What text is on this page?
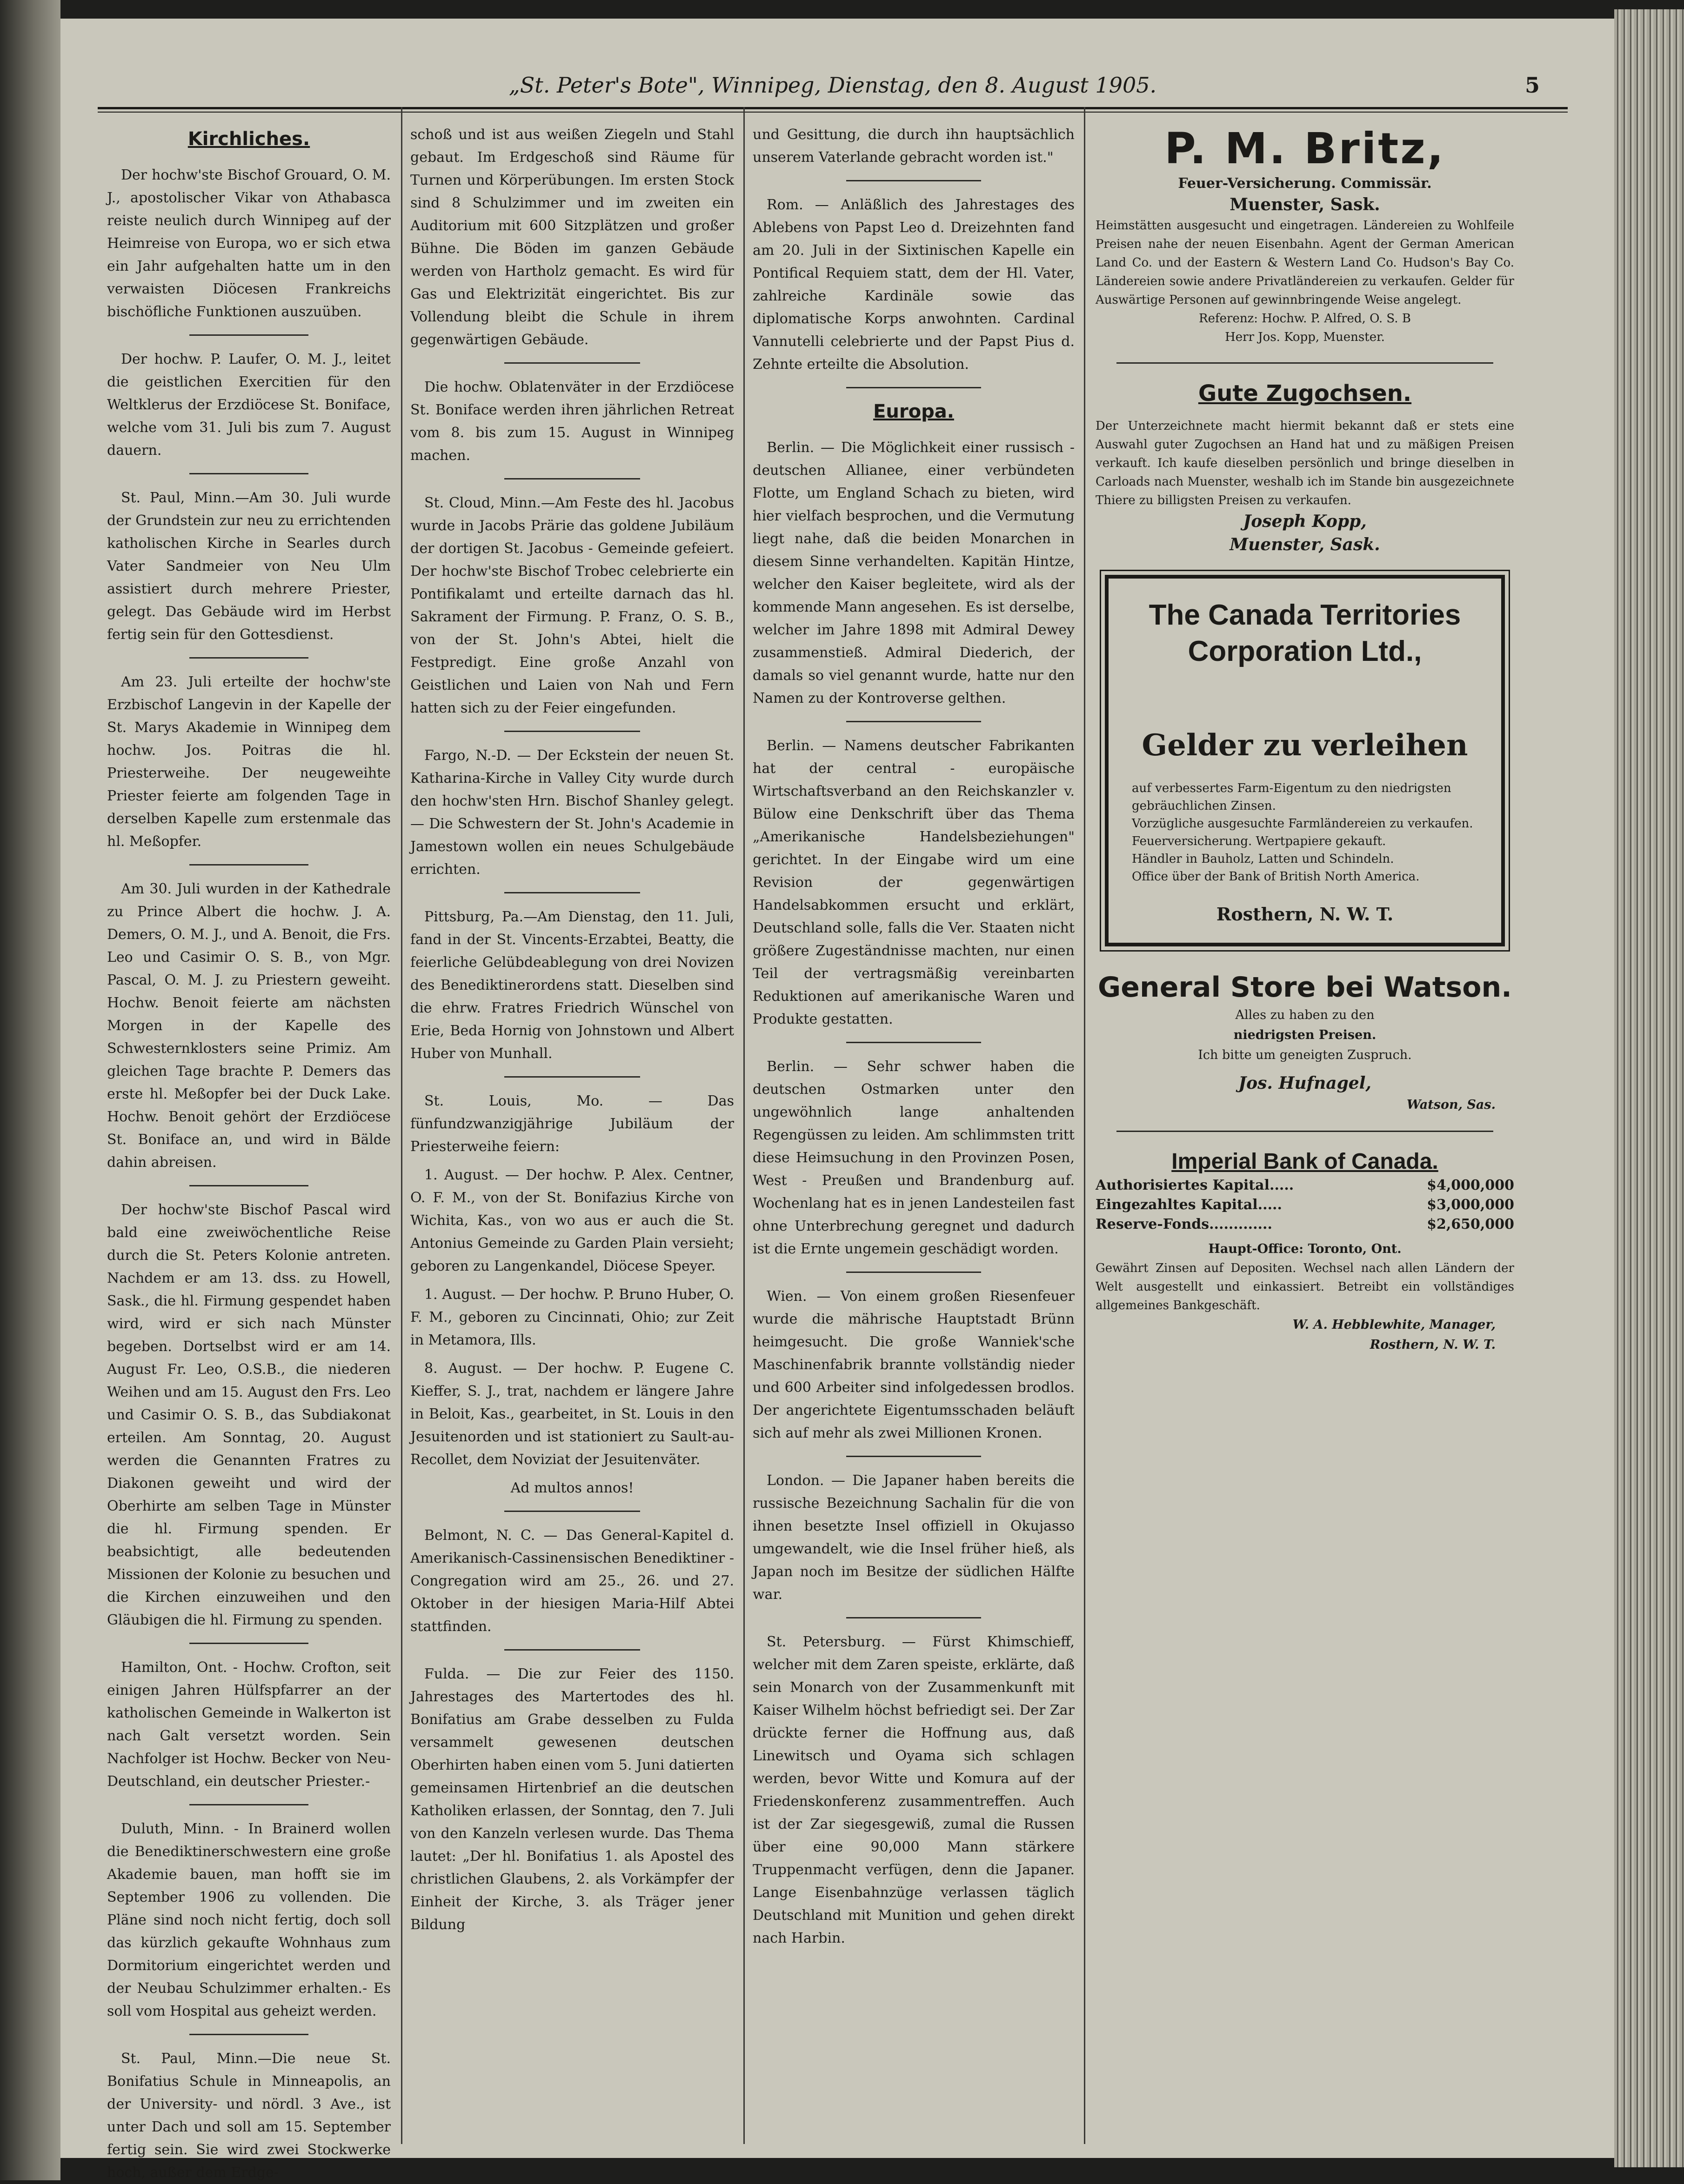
„St. Peter's Bote", Winnipeg, Dienstag, den 8. August 1905.	5
Kirchliches.

Der hochw'ste Bischof Grouard, O. M. J., apostolischer Vikar von Athabasca reiste neulich durch Winnipeg auf der Heimreise von Europa, wo er sich etwa ein Jahr aufgehalten hatte um in den verwaisten Diöcesen Frankreichs bischöfliche Funktionen auszuüben.

Der hochw. P. Laufer, O. M. J., leitet die geistlichen Exercitien für den Weltklerus der Erzdiöcese St. Boniface, welche vom 31. Juli bis zum 7. August dauern.

St. Paul, Minn.—Am 30. Juli wurde der Grundstein zur neu zu errichtenden katholischen Kirche in Searles durch Vater Sandmeier von Neu Ulm assistiert durch mehrere Priester, gelegt. Das Gebäude wird im Herbst fertig sein für den Gottesdienst.

Am 23. Juli erteilte der hochw'ste Erzbischof Langevin in der Kapelle der St. Marys Akademie in Winnipeg dem hochw. Jos. Poitras die hl. Priesterweihe. Der neugeweihte Priester feierte am folgenden Tage in derselben Kapelle zum erstenmale das hl. Meßopfer.

Am 30. Juli wurden in der Kathedrale zu Prince Albert die hochw. J. A. Demers, O. M. J., und A. Benoit, die Frs. Leo und Casimir O. S. B., von Mgr. Pascal, O. M. J. zu Priestern geweiht. Hochw. Benoit feierte am nächsten Morgen in der Kapelle des Schwesternklosters seine Primiz. Am gleichen Tage brachte P. Demers das erste hl. Meßopfer bei der Duck Lake. Hochw. Benoit gehört der Erzdiöcese St. Boniface an, und wird in Bälde dahin abreisen.

Der hochw'ste Bischof Pascal wird bald eine zweiwöchentliche Reise durch die St. Peters Kolonie antreten. Nachdem er am 13. dss. zu Howell, Sask., die hl. Firmung gespendet haben wird, wird er sich nach Münster begeben. Dortselbst wird er am 14. August Fr. Leo, O.S.B., die niederen Weihen und am 15. August den Frs. Leo und Casimir O. S. B., das Subdiakonat erteilen. Am Sonntag, 20. August werden die Genannten Fratres zu Diakonen geweiht und wird der Oberhirte am selben Tage in Münster die hl. Firmung spenden. Er beabsichtigt, alle bedeutenden Missionen der Kolonie zu besuchen und die Kirchen einzuweihen und den Gläubigen die hl. Firmung zu spenden.

Hamilton, Ont. - Hochw. Crofton, seit einigen Jahren Hülfspfarrer an der katholischen Gemeinde in Walkerton ist nach Galt versetzt worden. Sein Nachfolger ist Hochw. Becker von Neu-Deutschland, ein deutscher Priester.-

Duluth, Minn. - In Brainerd wollen die Benediktinerschwestern eine große Akademie bauen, man hofft sie im September 1906 zu vollenden. Die Pläne sind noch nicht fertig, doch soll das kürzlich gekaufte Wohnhaus zum Dormitorium eingerichtet werden und der Neubau Schulzimmer erhalten.- Es soll vom Hospital aus geheizt werden.

St. Paul, Minn.—Die neue St. Bonifatius Schule in Minneapolis, an der University- und nördl. 3 Ave., ist unter Dach und soll am 15. September fertig sein. Sie wird zwei Stockwerke hoch, außer dem Erdge-

schoß und ist aus weißen Ziegeln und Stahl gebaut. Im Erdgeschoß sind Räume für Turnen und Körperübungen. Im ersten Stock sind 8 Schulzimmer und im zweiten ein Auditorium mit 600 Sitzplätzen und großer Bühne. Die Böden im ganzen Gebäude werden von Hartholz gemacht. Es wird für Gas und Elektrizität eingerichtet. Bis zur Vollendung bleibt die Schule in ihrem gegenwärtigen Gebäude.

Die hochw. Oblatenväter in der Erzdiöcese St. Boniface werden ihren jährlichen Retreat vom 8. bis zum 15. August in Winnipeg machen.

St. Cloud, Minn.—Am Feste des hl. Jacobus wurde in Jacobs Prärie das goldene Jubiläum der dortigen St. Jacobus - Gemeinde gefeiert. Der hochw'ste Bischof Trobec celebrierte ein Pontifikalamt und erteilte darnach das hl. Sakrament der Firmung. P. Franz, O. S. B., von der St. John's Abtei, hielt die Festpredigt. Eine große Anzahl von Geistlichen und Laien von Nah und Fern hatten sich zu der Feier eingefunden.

Fargo, N.-D. — Der Eckstein der neuen St. Katharina-Kirche in Valley City wurde durch den hochw'sten Hrn. Bischof Shanley gelegt.— Die Schwestern der St. John's Academie in Jamestown wollen ein neues Schulgebäude errichten.

Pittsburg, Pa.—Am Dienstag, den 11. Juli, fand in der St. Vincents-Erzabtei, Beatty, die feierliche Gelübdeablegung von drei Novizen des Benediktinerordens statt. Dieselben sind die ehrw. Fratres Friedrich Wünschel von Erie, Beda Hornig von Johnstown und Albert Huber von Munhall.

St. Louis, Mo. — Das fünfundzwanzigjährige Jubiläum der Priesterweihe feiern:

1. August. — Der hochw. P. Alex. Centner, O. F. M., von der St. Bonifazius Kirche von Wichita, Kas., von wo aus er auch die St. Antonius Gemeinde zu Garden Plain versieht; geboren zu Langenkandel, Diöcese Speyer.

1. August. — Der hochw. P. Bruno Huber, O. F. M., geboren zu Cincinnati, Ohio; zur Zeit in Metamora, Ills.

8. August. — Der hochw. P. Eugene C. Kieffer, S. J., trat, nachdem er längere Jahre in Beloit, Kas., gearbeitet, in St. Louis in den Jesuitenorden und ist stationiert zu Sault-au-Recollet, dem Noviziat der Jesuitenväter.

Ad multos annos!

Belmont, N. C. — Das General-Kapitel d. Amerikanisch-Cassinensischen Benediktiner - Congregation wird am 25., 26. und 27. Oktober in der hiesigen Maria-Hilf Abtei stattfinden.

Fulda. — Die zur Feier des 1150. Jahrestages des Martertodes des hl. Bonifatius am Grabe desselben zu Fulda versammelt gewesenen deutschen Oberhirten haben einen vom 5. Juni datierten gemeinsamen Hirtenbrief an die deutschen Katholiken erlassen, der Sonntag, den 7. Juli von den Kanzeln verlesen wurde. Das Thema lautet: „Der hl. Bonifatius 1. als Apostel des christlichen Glaubens, 2. als Vorkämpfer der Einheit der Kirche, 3. als Träger jener Bildung

und Gesittung, die durch ihn hauptsächlich unserem Vaterlande gebracht worden ist."

Rom. — Anläßlich des Jahrestages des Ablebens von Papst Leo d. Dreizehnten fand am 20. Juli in der Sixtinischen Kapelle ein Pontifical Requiem statt, dem der Hl. Vater, zahlreiche Kardinäle sowie das diplomatische Korps anwohnten. Cardinal Vannutelli celebrierte und der Papst Pius d. Zehnte erteilte die Absolution.

Europa.

Berlin. — Die Möglichkeit einer russisch - deutschen Allianee, einer verbündeten Flotte, um England Schach zu bieten, wird hier vielfach besprochen, und die Vermutung liegt nahe, daß die beiden Monarchen in diesem Sinne verhandelten. Kapitän Hintze, welcher den Kaiser begleitete, wird als der kommende Mann angesehen. Es ist derselbe, welcher im Jahre 1898 mit Admiral Dewey zusammenstieß. Admiral Diederich, der damals so viel genannt wurde, hatte nur den Namen zu der Kontroverse gelthen.

Berlin. — Namens deutscher Fabrikanten hat der central - europäische Wirtschaftsverband an den Reichskanzler v. Bülow eine Denkschrift über das Thema „Amerikanische Handelsbeziehungen" gerichtet. In der Eingabe wird um eine Revision der gegenwärtigen Handelsabkommen ersucht und erklärt, Deutschland solle, falls die Ver. Staaten nicht größere Zugeständnisse machten, nur einen Teil der vertragsmäßig vereinbarten Reduktionen auf amerikanische Waren und Produkte gestatten.

Berlin. — Sehr schwer haben die deutschen Ostmarken unter den ungewöhnlich lange anhaltenden Regengüssen zu leiden. Am schlimmsten tritt diese Heimsuchung in den Provinzen Posen, West - Preußen und Brandenburg auf. Wochenlang hat es in jenen Landesteilen fast ohne Unterbrechung geregnet und dadurch ist die Ernte ungemein geschädigt worden.

Wien. — Von einem großen Riesenfeuer wurde die mährische Hauptstadt Brünn heimgesucht. Die große Wanniek'sche Maschinenfabrik brannte vollständig nieder und 600 Arbeiter sind infolgedessen brodlos. Der angerichtete Eigentumsschaden beläuft sich auf mehr als zwei Millionen Kronen.

London. — Die Japaner haben bereits die russische Bezeichnung Sachalin für die von ihnen besetzte Insel offiziell in Okujasso umgewandelt, wie die Insel früher hieß, als Japan noch im Besitze der südlichen Hälfte war.

St. Petersburg. — Fürst Khimschieff, welcher mit dem Zaren speiste, erklärte, daß sein Monarch von der Zusammenkunft mit Kaiser Wilhelm höchst befriedigt sei. Der Zar drückte ferner die Hoffnung aus, daß Linewitsch und Oyama sich schlagen werden, bevor Witte und Komura auf der Friedenskonferenz zusammentreffen. Auch ist der Zar siegesgewiß, zumal die Russen über eine 90,000 Mann stärkere Truppenmacht verfügen, denn die Japaner. Lange Eisenbahnzüge verlassen täglich Deutschland mit Munition und gehen direkt nach Harbin.

P. M. Britz,
Feuer-Versicherung. Commissär.
Muenster, Sask.
Heimstätten ausgesucht und eingetragen. Ländereien zu Wohlfeile Preisen nahe der neuen Eisenbahn. Agent der German American Land Co. und der Eastern & Western Land Co. Hudson's Bay Co. Ländereien sowie andere Privatländereien zu verkaufen. Gelder für Auswärtige Personen auf gewinnbringende Weise angelegt.
Referenz: Hochw. P. Alfred, O. S. B
Herr Jos. Kopp, Muenster.
Gute Zugochsen.
Der Unterzeichnete macht hiermit bekannt daß er stets eine Auswahl guter Zugochsen an Hand hat und zu mäßigen Preisen verkauft. Ich kaufe dieselben persönlich und bringe dieselben in Carloads nach Muenster, weshalb ich im Stande bin ausgezeichnete Thiere zu billigsten Preisen zu verkaufen.
Joseph Kopp,
Muenster, Sask.
The Canada Territories Corporation Ltd.,
Gelder zu verleihen
auf verbessertes Farm-Eigentum zu den niedrigsten gebräuchlichen Zinsen.
Vorzügliche ausgesuchte Farmländereien zu verkaufen.
Feuerversicherung. Wertpapiere gekauft.
Händler in Bauholz, Latten und Schindeln.
Office über der Bank of British North America.
Rosthern, N. W. T.
General Store bei Watson.
Alles zu haben zu den
niedrigsten Preisen.
Ich bitte um geneigten Zuspruch.
Jos. Hufnagel,
Watson, Sas.
Imperial Bank of Canada.
Authorisiertes Kapital.....	$4,000,000
Eingezahltes Kapital.....	$3,000,000
Reserve-Fonds.............	$2,650,000
Haupt-Office: Toronto, Ont.
Gewährt Zinsen auf Depositen. Wechsel nach allen Ländern der Welt ausgestellt und einkassiert. Betreibt ein vollständiges allgemeines Bankgeschäft.
W. A. Hebblewhite, Manager,
Rosthern, N. W. T.
